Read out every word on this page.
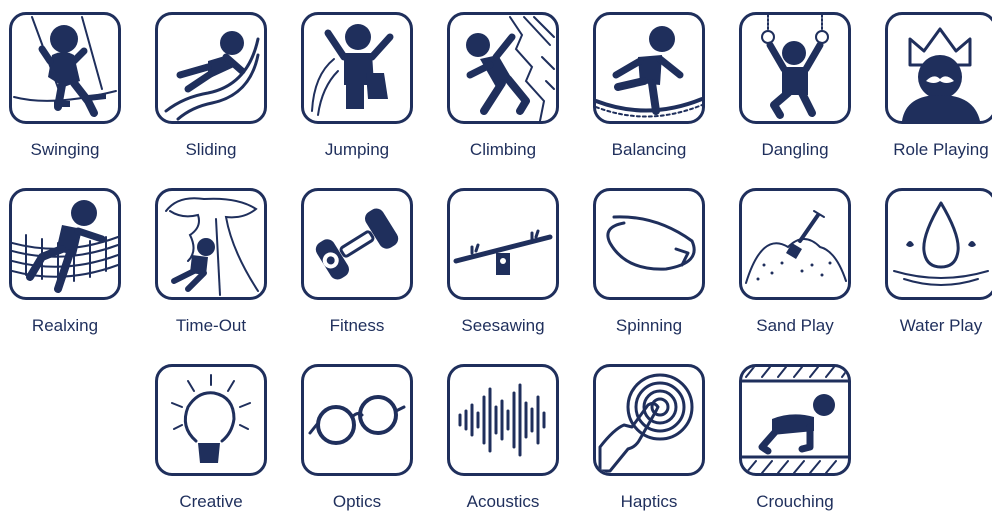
Swinging	Sliding	Jumping	Climbing	Balancing	Dangling	Role Playing
Realxing	Time-Out	Fitness	Seesawing	Spinning	Sand Play	Water Play
Creative	Optics	Acoustics	Haptics	Crouching
